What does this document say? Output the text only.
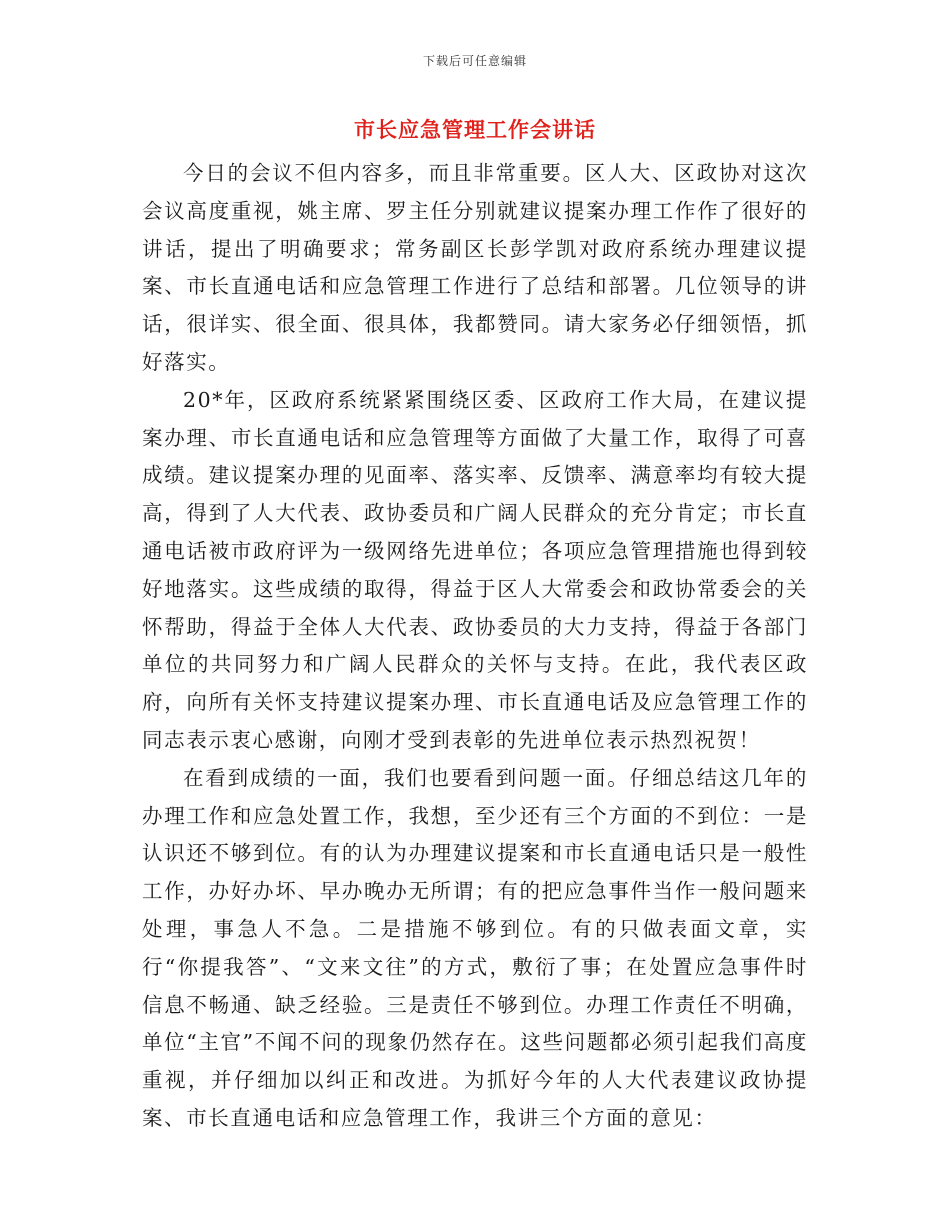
下载后可任意编辑
市长应急管理工作会讲话

今日的会议不但内容多，而且非常重要。区人大、区政协对这次会议高度重视，姚主席、罗主任分别就建议提案办理工作作了很好的讲话，提出了明确要求；常务副区长彭学凯对政府系统办理建议提案、市长直通电话和应急管理工作进行了总结和部署。几位领导的讲话，很详实、很全面、很具体，我都赞同。请大家务必仔细领悟，抓好落实。

20*年，区政府系统紧紧围绕区委、区政府工作大局，在建议提案办理、市长直通电话和应急管理等方面做了大量工作，取得了可喜成绩。建议提案办理的见面率、落实率、反馈率、满意率均有较大提高，得到了人大代表、政协委员和广阔人民群众的充分肯定；市长直通电话被市政府评为一级网络先进单位；各项应急管理措施也得到较好地落实。这些成绩的取得，得益于区人大常委会和政协常委会的关怀帮助，得益于全体人大代表、政协委员的大力支持，得益于各部门单位的共同努力和广阔人民群众的关怀与支持。在此，我代表区政府，向所有关怀支持建议提案办理、市长直通电话及应急管理工作的同志表示衷心感谢，向刚才受到表彰的先进单位表示热烈祝贺！

在看到成绩的一面，我们也要看到问题一面。仔细总结这几年的办理工作和应急处置工作，我想，至少还有三个方面的不到位：一是认识还不够到位。有的认为办理建议提案和市长直通电话只是一般性工作，办好办坏、早办晚办无所谓；有的把应急事件当作一般问题来处理，事急人不急。二是措施不够到位。有的只做表面文章，实行“你提我答”、“文来文往”的方式，敷衍了事；在处置应急事件时信息不畅通、缺乏经验。三是责任不够到位。办理工作责任不明确，单位“主官”不闻不问的现象仍然存在。这些问题都必须引起我们高度重视，并仔细加以纠正和改进。为抓好今年的人大代表建议政协提案、市长直通电话和应急管理工作，我讲三个方面的意见：
